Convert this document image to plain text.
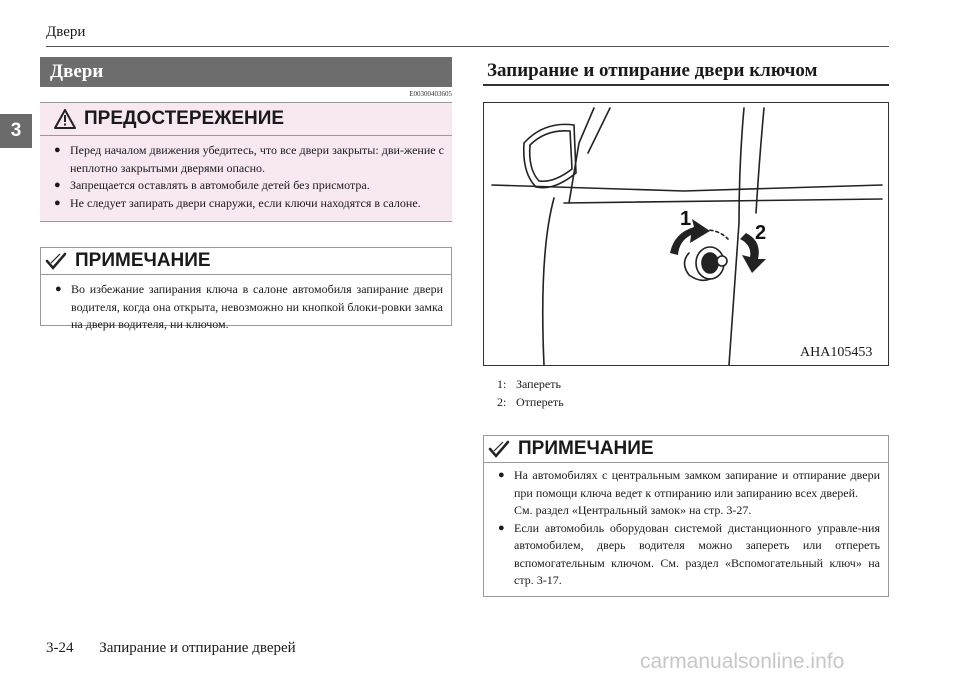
Двери
3
Двери
E00300403605
ПРЕДОСТЕРЕЖЕНИЕ
● Перед началом движения убедитесь, что все двери закрыты: дви-жение с неплотно закрытыми дверями опасно.
● Запрещается оставлять в автомобиле детей без присмотра.
● Не следует запирать двери снаружи, если ключи находятся в салоне.
ПРИМЕЧАНИЕ
● Во избежание запирания ключа в салоне автомобиля запирание двери водителя, когда она открыта, невозможно ни кнопкой блоки-ровки замка на двери водителя, ни ключом.
Запирание и отпирание двери ключом
1
2
AHA105453
1: Запереть
2: Отпереть
ПРИМЕЧАНИЕ
● На автомобилях с центральным замком запирание и отпирание двери при помощи ключа ведет к отпиранию или запиранию всех дверей.
См. раздел «Центральный замок» на стр. 3-27.
● Если автомобиль оборудован системой дистанционного управле-ния автомобилем, дверь водителя можно запереть или отпереть вспомогательным ключом. См. раздел «Вспомогательный ключ» на стр. 3-17.
3-24 Запирание и отпирание дверей
carmanualsonline.info
